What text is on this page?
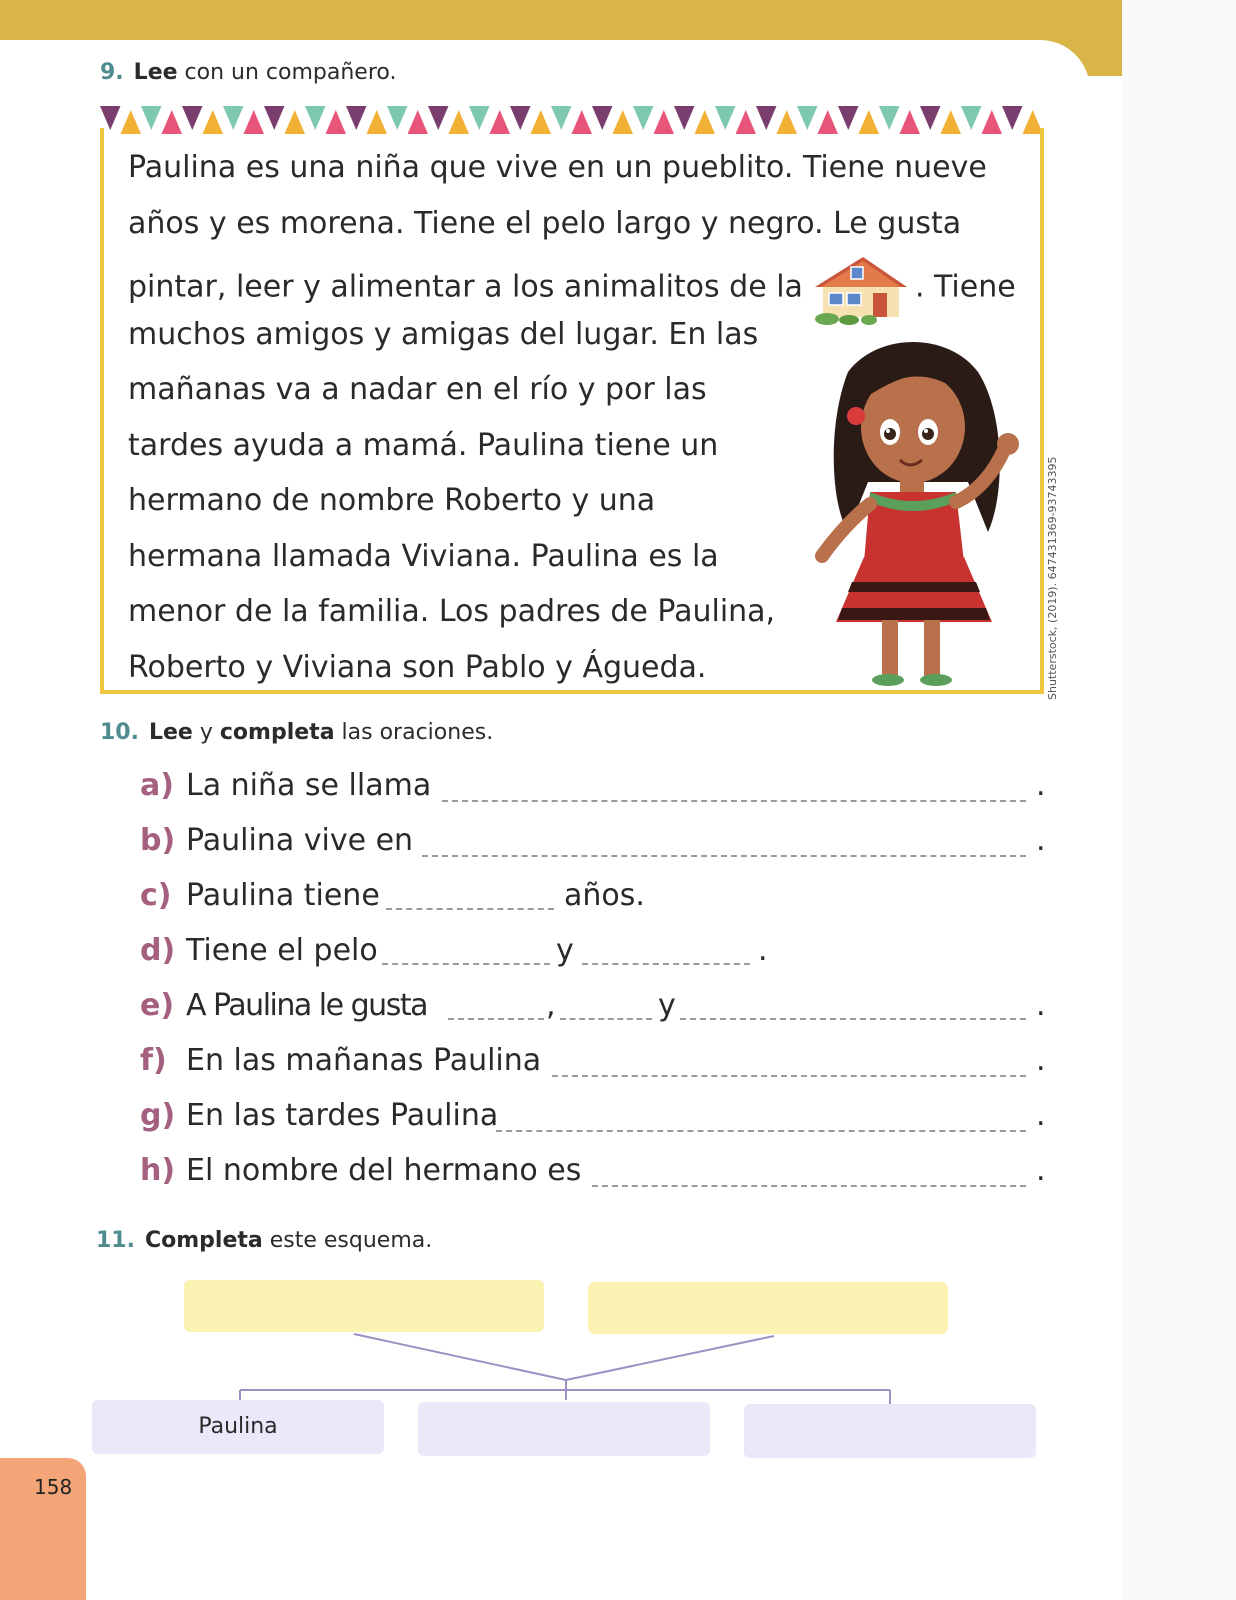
9. Lee con un compañero.
Paulina es una niña que vive en un pueblito. Tiene nueve
años y es morena. Tiene el pelo largo y negro. Le gusta
pintar, leer y alimentar a los animalitos de la	. Tiene
muchos amigos y amigas del lugar. En las
mañanas va a nadar en el río y por las
tardes ayuda a mamá. Paulina tiene un
hermano de nombre Roberto y una
hermana llamada Viviana. Paulina es la
menor de la familia. Los padres de Paulina,
Roberto y Viviana son Pablo y Águeda.	Shutterstock, (2019). 647431369-93743395
10. Lee y completa las oraciones.
a) La niña se llama	.
b) Paulina vive en	.
c) Paulina tiene	años.
d) Tiene el pelo	y	.
e) A Paulina le gusta	,	y	.
f) En las mañanas Paulina	.
g) En las tardes Paulina	.
h) El nombre del hermano es	.
11. Completa este esquema.
Paulina
158
